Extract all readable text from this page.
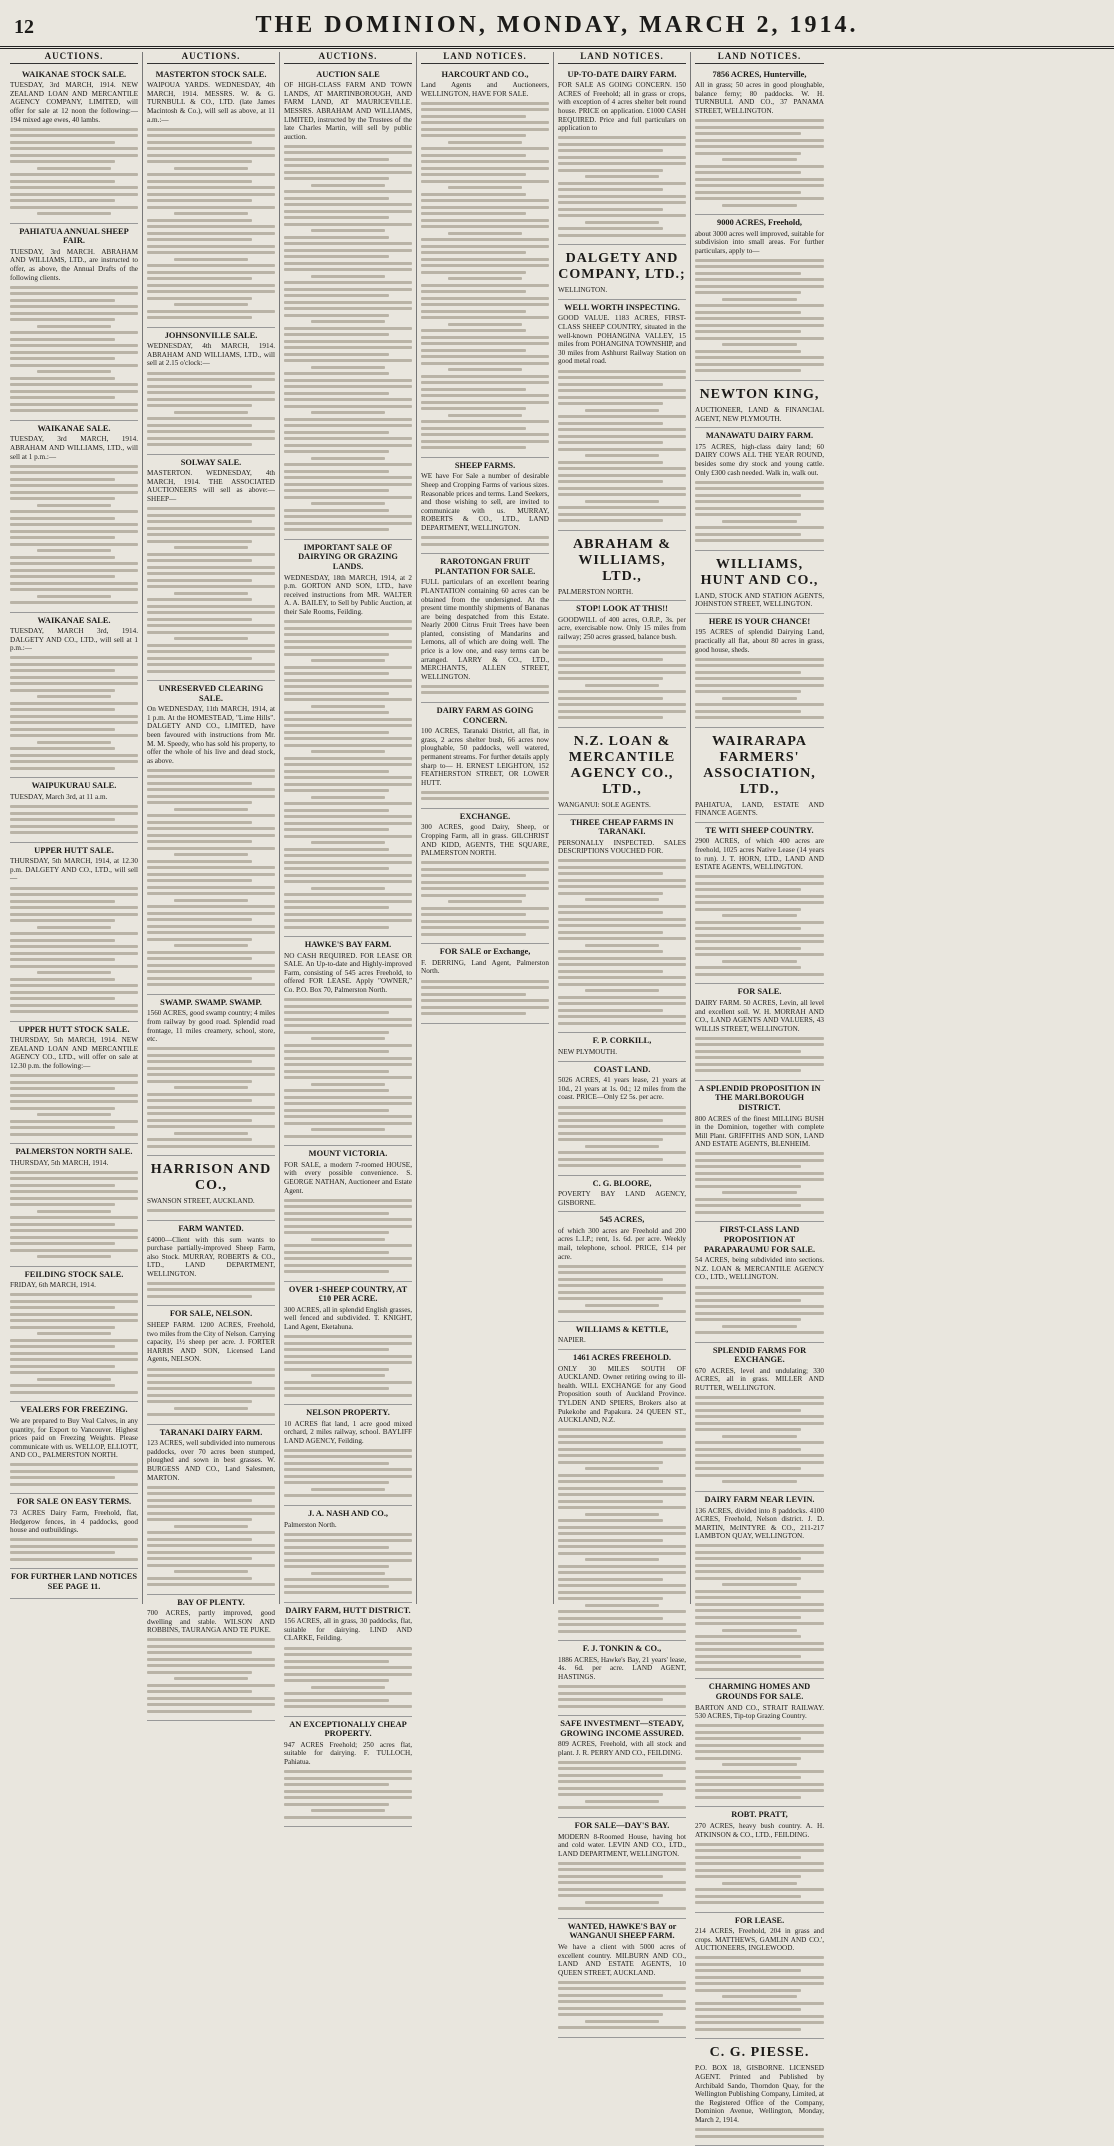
12	THE DOMINION, MONDAY, MARCH 2, 1914.
AUCTIONS.
WAIKANAE STOCK SALE.
TUESDAY, 3rd MARCH, 1914. NEW ZEALAND LOAN AND MERCANTILE AGENCY COMPANY, LIMITED, will offer for sale at 12 noon the following:— 194 mixed age ewes, 40 lambs.
PAHIATUA ANNUAL SHEEP FAIR.
TUESDAY, 3rd MARCH. ABRAHAM AND WILLIAMS, LTD., are instructed to offer, as above, the Annual Drafts of the following clients.
WAIKANAE SALE.
TUESDAY, 3rd MARCH, 1914. ABRAHAM AND WILLIAMS, LTD., will sell at 1 p.m.:—
WAIKANAE SALE.
TUESDAY, MARCH 3rd, 1914. DALGETY AND CO., LTD., will sell at 1 p.m.:—
WAIPUKURAU SALE.
TUESDAY, March 3rd, at 11 a.m.
UPPER HUTT SALE.
THURSDAY, 5th MARCH, 1914, at 12.30 p.m. DALGETY AND CO., LTD., will sell—
UPPER HUTT STOCK SALE.
THURSDAY, 5th MARCH, 1914. NEW ZEALAND LOAN AND MERCANTILE AGENCY CO., LTD., will offer on sale at 12.30 p.m. the following:—
PALMERSTON NORTH SALE.
THURSDAY, 5th MARCH, 1914.
FEILDING STOCK SALE.
FRIDAY, 6th MARCH, 1914.
VEALERS FOR FREEZING.
We are prepared to Buy Veal Calves, in any quantity, for Export to Vancouver. Highest prices paid on Freezing Weights. Please communicate with us. WELLOP, ELLIOTT, AND CO., PALMERSTON NORTH.
FOR SALE ON EASY TERMS.
73 ACRES Dairy Farm, Freehold, flat, Hedgerow fences, in 4 paddocks, good house and outbuildings.
FOR FURTHER LAND NOTICES SEE PAGE 11.
AUCTIONS.
MASTERTON STOCK SALE.
WAIPOUA YARDS. WEDNESDAY, 4th MARCH, 1914. MESSRS. W. & G. TURNBULL & CO., LTD. (late James Macintosh & Co.), will sell as above, at 11 a.m.:—
JOHNSONVILLE SALE.
WEDNESDAY, 4th MARCH, 1914. ABRAHAM AND WILLIAMS, LTD., will sell at 2.15 o'clock:—
SOLWAY SALE.
MASTERTON. WEDNESDAY, 4th MARCH, 1914. THE ASSOCIATED AUCTIONEERS will sell as above:— SHEEP—
UNRESERVED CLEARING SALE.
On WEDNESDAY, 11th MARCH, 1914, at 1 p.m. At the HOMESTEAD, "Lime Hills". DALGETY AND CO., LIMITED, have been favoured with instructions from Mr. M. M. Speedy, who has sold his property, to offer the whole of his live and dead stock, as above.
SWAMP. SWAMP. SWAMP.
1560 ACRES, good swamp country; 4 miles from railway by good road. Splendid road frontage, 11 miles creamery, school, store, etc.
HARRISON AND CO.,
SWANSON STREET, AUCKLAND.
FARM WANTED.
£4000—Client with this sum wants to purchase partially-improved Sheep Farm, also Stock. MURRAY, ROBERTS & CO., LTD., LAND DEPARTMENT, WELLINGTON.
FOR SALE, NELSON.
SHEEP FARM. 1200 ACRES, Freehold, two miles from the City of Nelson. Carrying capacity, 1½ sheep per acre. J. FORTER HARRIS AND SON, Licensed Land Agents, NELSON.
TARANAKI DAIRY FARM.
123 ACRES, well subdivided into numerous paddocks, over 70 acres been stumped, ploughed and sown in best grasses. W. BURGESS AND CO., Land Salesmen, MARTON.
BAY OF PLENTY.
700 ACRES, partly improved, good dwelling and stable. WILSON AND ROBBINS, TAURANGA AND TE PUKE.
AUCTIONS.
AUCTION SALE
OF HIGH-CLASS FARM AND TOWN LANDS, AT MARTINBOROUGH, AND FARM LAND, AT MAURICEVILLE. MESSRS. ABRAHAM AND WILLIAMS, LIMITED, instructed by the Trustees of the late Charles Martin, will sell by public auction.
IMPORTANT SALE OF DAIRYING OR GRAZING LANDS.
WEDNESDAY, 18th MARCH, 1914, at 2 p.m. GORTON AND SON, LTD., have received instructions from MR. WALTER A. A. BAILEY, to Sell by Public Auction, at their Sale Rooms, Feilding.
HAWKE'S BAY FARM.
NO CASH REQUIRED. FOR LEASE OR SALE. An Up-to-date and Highly-improved Farm, consisting of 545 acres Freehold, to offered FOR LEASE. Apply "OWNER," Co. P.O. Box 70, Palmerston North.
MOUNT VICTORIA.
FOR SALE, a modern 7-roomed HOUSE, with every possible convenience. S. GEORGE NATHAN, Auctioneer and Estate Agent.
OVER 1-SHEEP COUNTRY, AT £10 PER ACRE.
300 ACRES, all in splendid English grasses, well fenced and subdivided. T. KNIGHT, Land Agent, Eketahuna.
NELSON PROPERTY.
10 ACRES flat land, 1 acre good mixed orchard, 2 miles railway, school. BAYLIFF LAND AGENCY, Feilding.
J. A. NASH AND CO.,
Palmerston North.
DAIRY FARM, HUTT DISTRICT.
156 ACRES, all in grass, 30 paddocks, flat, suitable for dairying. LIND AND CLARKE, Feilding.
AN EXCEPTIONALLY CHEAP PROPERTY.
947 ACRES Freehold; 250 acres flat, suitable for dairying. F. TULLOCH, Pahiatua.
LAND NOTICES.
HARCOURT AND CO.,
Land Agents and Auctioneers, WELLINGTON, HAVE FOR SALE.
SHEEP FARMS.
WE have For Sale a number of desirable Sheep and Cropping Farms of various sizes. Reasonable prices and terms. Land Seekers, and those wishing to sell, are invited to communicate with us. MURRAY, ROBERTS & CO., LTD., LAND DEPARTMENT, WELLINGTON.
RAROTONGAN FRUIT PLANTATION FOR SALE.
FULL particulars of an excellent bearing PLANTATION containing 60 acres can be obtained from the undersigned. At the present time monthly shipments of Bananas are being despatched from this Estate. Nearly 2000 Citrus Fruit Trees have been planted, consisting of Mandarins and Lemons, all of which are doing well. The price is a low one, and easy terms can be arranged. LARRY & CO., LTD., MERCHANTS, ALLEN STREET, WELLINGTON.
DAIRY FARM AS GOING CONCERN.
100 ACRES, Taranaki District, all flat, in grass, 2 acres shelter bush, 66 acres now ploughable, 50 paddocks, well watered, permanent streams. For further details apply sharp to— H. ERNEST LEIGHTON, 152 FEATHERSTON STREET, OR LOWER HUTT.
EXCHANGE.
300 ACRES, good Dairy, Sheep, or Cropping Farm, all in grass. GILCHRIST AND KIDD, AGENTS, THE SQUARE, PALMERSTON NORTH.
FOR SALE or Exchange,
F. DERRING, Land Agent, Palmerston North.
LAND NOTICES.
UP-TO-DATE DAIRY FARM.
FOR SALE AS GOING CONCERN. 150 ACRES of Freehold; all in grass or crops, with exception of 4 acres shelter belt round house. PRICE on application. £1000 CASH REQUIRED. Price and full particulars on application to
DALGETY AND COMPANY, LTD.;
WELLINGTON.
WELL WORTH INSPECTING.
GOOD VALUE. 1183 ACRES, FIRST-CLASS SHEEP COUNTRY, situated in the well-known POHANGINA VALLEY, 15 miles from POHANGINA TOWNSHIP, and 30 miles from Ashhurst Railway Station on good metal road.
ABRAHAM & WILLIAMS, LTD.,
PALMERSTON NORTH.
STOP! LOOK AT THIS!!
GOODWILL of 400 acres, O.R.P., 3s. per acre, exercisable now. Only 15 miles from railway; 250 acres grassed, balance bush.
N.Z. LOAN & MERCANTILE AGENCY CO., LTD.,
WANGANUI: SOLE AGENTS.
THREE CHEAP FARMS IN TARANAKI.
PERSONALLY INSPECTED. SALES DESCRIPTIONS VOUCHED FOR.
F. P. CORKILL,
NEW PLYMOUTH.
COAST LAND.
5026 ACRES, 41 years lease, 21 years at 10d., 21 years at 1s. 0d.; 12 miles from the coast. PRICE—Only £2 5s. per acre.
C. G. BLOORE,
POVERTY BAY LAND AGENCY, GISBORNE.
545 ACRES,
of which 300 acres are Freehold and 200 acres L.I.P.; rent, 1s. 6d. per acre. Weekly mail, telephone, school. PRICE, £14 per acre.
WILLIAMS & KETTLE,
NAPIER.
1461 ACRES FREEHOLD.
ONLY 30 MILES SOUTH OF AUCKLAND. Owner retiring owing to ill-health. WILL EXCHANGE for any Good Proposition south of Auckland Province. TYLDEN AND SPIERS, Brokers also at Pukekohe and Papakura. 24 QUEEN ST., AUCKLAND, N.Z.
F. J. TONKIN & CO.,
1886 ACRES, Hawke's Bay, 21 years' lease, 4s. 6d. per acre. LAND AGENT, HASTINGS.
SAFE INVESTMENT—STEADY, GROWING INCOME ASSURED.
809 ACRES, Freehold, with all stock and plant. J. R. PERRY AND CO., FEILDING.
FOR SALE—DAY'S BAY.
MODERN 8-Roomed House, having hot and cold water. LEVIN AND CO., LTD., LAND DEPARTMENT, WELLINGTON.
WANTED, HAWKE'S BAY or WANGANUI SHEEP FARM.
We have a client with 5000 acres of excellent country. MILBURN AND CO., LAND AND ESTATE AGENTS, 10 QUEEN STREET, AUCKLAND.
LAND NOTICES.
7856 ACRES, Hunterville,
All in grass; 50 acres in good ploughable, balance ferny; 80 paddocks. W. H. TURNBULL AND CO., 37 PANAMA STREET, WELLINGTON.
9000 ACRES, Freehold,
about 3000 acres well improved, suitable for subdivision into small areas. For further particulars, apply to—
NEWTON KING,
AUCTIONEER, LAND & FINANCIAL AGENT, NEW PLYMOUTH.
MANAWATU DAIRY FARM.
175 ACRES, high-class dairy land; 60 DAIRY COWS ALL THE YEAR ROUND, besides some dry stock and young cattle. Only £300 cash needed. Walk in, walk out.
WILLIAMS, HUNT AND CO.,
LAND, STOCK AND STATION AGENTS, JOHNSTON STREET, WELLINGTON.
HERE IS YOUR CHANCE!
195 ACRES of splendid Dairying Land, practically all flat, about 80 acres in grass, good house, sheds.
WAIRARAPA FARMERS' ASSOCIATION, LTD.,
PAHIATUA, LAND, ESTATE AND FINANCE AGENTS.
TE WITI SHEEP COUNTRY.
2900 ACRES, of which 400 acres are freehold, 1025 acres Native Lease (14 years to run). J. T. HORN, LTD., LAND AND ESTATE AGENTS, WELLINGTON.
FOR SALE.
DAIRY FARM. 50 ACRES, Levin, all level and excellent soil. W. H. MORRAH AND CO., LAND AGENTS AND VALUERS, 43 WILLIS STREET, WELLINGTON.
A SPLENDID PROPOSITION IN THE MARLBOROUGH DISTRICT.
800 ACRES of the finest MILLING BUSH in the Dominion, together with complete Mill Plant. GRIFFITHS AND SON, LAND AND ESTATE AGENTS, BLENHEIM.
FIRST-CLASS LAND PROPOSITION AT PARAPARAUMU FOR SALE.
54 ACRES, being subdivided into sections. N.Z. LOAN & MERCANTILE AGENCY CO., LTD., WELLINGTON.
SPLENDID FARMS FOR EXCHANGE.
670 ACRES, level and undulating; 330 ACRES, all in grass. MILLER AND RUTTER, WELLINGTON.
DAIRY FARM NEAR LEVIN.
136 ACRES, divided into 8 paddocks. 4100 ACRES, Freehold, Nelson district. J. D. MARTIN, McINTYRE & CO., 211-217 LAMBTON QUAY, WELLINGTON.
CHARMING HOMES AND GROUNDS FOR SALE.
BARTON AND CO., STRAIT RAILWAY. 530 ACRES, Tip-top Grazing Country.
ROBT. PRATT,
270 ACRES, heavy bush country. A. H. ATKINSON & CO., LTD., FEILDING.
FOR LEASE.
214 ACRES, Freehold, 204 in grass and crops. MATTHEWS, GAMLIN AND CO.', AUCTIONEERS, INGLEWOOD.
C. G. PIESSE.
P.O. BOX 18, GISBORNE. LICENSED AGENT. Printed and Published by Archibald Sando, Thorndon Quay, for the Wellington Publishing Company, Limited, at the Registered Office of the Company, Dominion Avenue, Wellington, Monday, March 2, 1914.
